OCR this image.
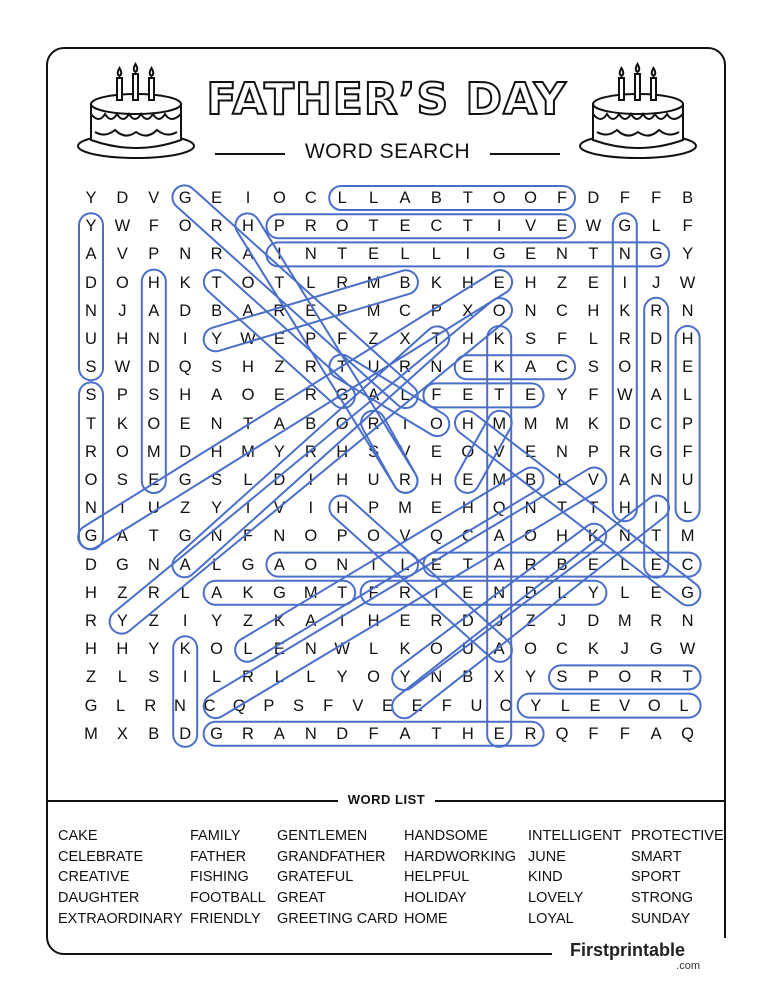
FATHER’S DAY
WORD SEARCH
Y	D	V	G	E	I	O	C	L	L	A	B	T	O	O	F	D	F	F	B
Y	W	F	O	R	H	P	R	O	T	E	C	T	I	V	E	W	G	L	F
A	V	P	N	R	A	I	N	T	E	L	L	I	G	E	N	T	N	G	Y
D	O	H	K	T	O	T	L	R	M	B	K	H	E	H	Z	E	I	J	W
N	J	A	D	B	A	R	E	P	M	C	P	X	O	N	C	H	K	R	N
U	H	N	I	Y	W	E	P	F	Z	X	T	H	K	S	F	L	R	D	H
S	W	D	Q	S	H	Z	R	T	U	R	N	E	K	A	C	S	O	R	E
S	P	S	H	A	O	E	R	G	A	L	F	E	T	E	Y	F	W	A	L
T	K	O	E	N	T	A	B	O	R	I	O	H	M	M	M	K	D	C	P
R	O	M	D	H	M	Y	R	H	S	V	E	O	V	E	N	P	R	G	F
O	S	E	G	S	L	D	I	H	U	R	H	E	M	B	L	V	A	N	U
N	I	U	Z	Y	I	V	I	H	P	M	E	H	Q	N	T	T	H	I	L
G	A	T	G	N	F	N	O	P	O	V	Q	C	A	O	H	K	N	T	M
D	G	N	A	L	G	A	O	N	I	L	E	T	A	R	B	E	L	E	C
H	Z	R	L	A	K	G	M	T	F	R	I	E	N	D	L	Y	L	E	G
R	Y	Z	I	Y	Z	K	A	I	H	E	R	D	J	Z	J	D	M	R	N
H	H	Y	K	O	L	E	N	W	L	K	O	U	A	O	C	K	J	G	W
Z	L	S	I	L	R	L	L	Y	O	Y	N	B	X	Y	S	P	O	R	T
G	L	R	N	C	Q	P	S	F	V	E	E	F	U	O	Y	L	E	V	O	L
M	X	B	D	G	R	A	N	D	F	A	T	H	E	R	Q	F	F	A	Q
WORD LIST
CAKE
CELEBRATE
CREATIVE
DAUGHTER
EXTRAORDINARY
FAMILY
FATHER
FISHING
FOOTBALL
FRIENDLY
GENTLEMEN
GRANDFATHER
GRATEFUL
GREAT
GREETING CARD
HANDSOME
HARDWORKING
HELPFUL
HOLIDAY
HOME
INTELLIGENT
JUNE
KIND
LOVELY
LOYAL
PROTECTIVE
SMART
SPORT
STRONG
SUNDAY
Firstprintable
.com
